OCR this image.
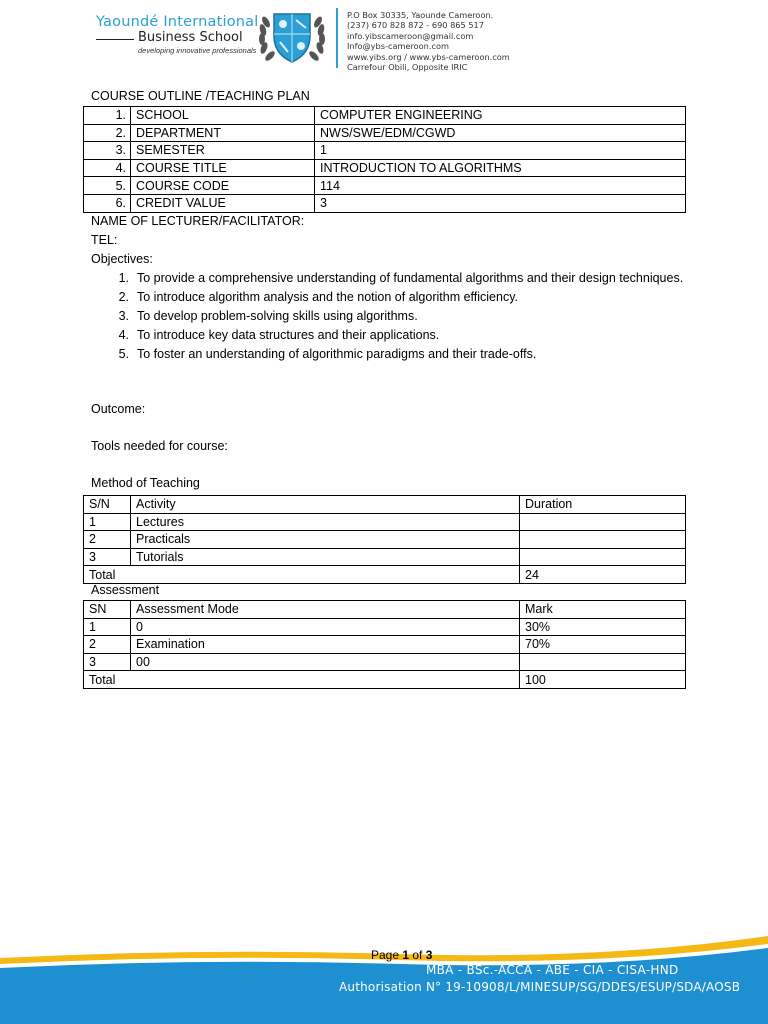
Yaoundé International
Business School
developing innovative professionals
P.O Box 30335, Yaounde Cameroon.
(237) 670 828 872 - 690 865 517
info.yibscameroon@gmail.com
Info@ybs-cameroon.com
www.yibs.org / www.ybs-cameroon.com
Carrefour Obili, Opposite IRIC
COURSE OUTLINE /TEACHING PLAN
1.	SCHOOL	COMPUTER ENGINEERING
2.	DEPARTMENT	NWS/SWE/EDM/CGWD
3.	SEMESTER	1
4.	COURSE TITLE	INTRODUCTION TO ALGORITHMS
5.	COURSE CODE	114
6.	CREDIT VALUE	3
NAME OF LECTURER/FACILITATOR:
TEL:
Objectives:
1. To provide a comprehensive understanding of fundamental algorithms and their design techniques.
2. To introduce algorithm analysis and the notion of algorithm efficiency.
3. To develop problem-solving skills using algorithms.
4. To introduce key data structures and their applications.
5. To foster an understanding of algorithmic paradigms and their trade-offs.
Outcome:
Tools needed for course:
Method of Teaching
S/N	Activity	Duration
1	Lectures	
2	Practicals	
3	Tutorials	
Total		24
Assessment
SN	Assessment Mode	Mark
1	0	30%
2	Examination	70%
3	00	
Total		100
Page 1 of 3
MBA - BSc.-ACCA - ABE - CIA - CISA-HND
Authorisation N° 19-10908/L/MINESUP/SG/DDES/ESUP/SDA/AOSB
